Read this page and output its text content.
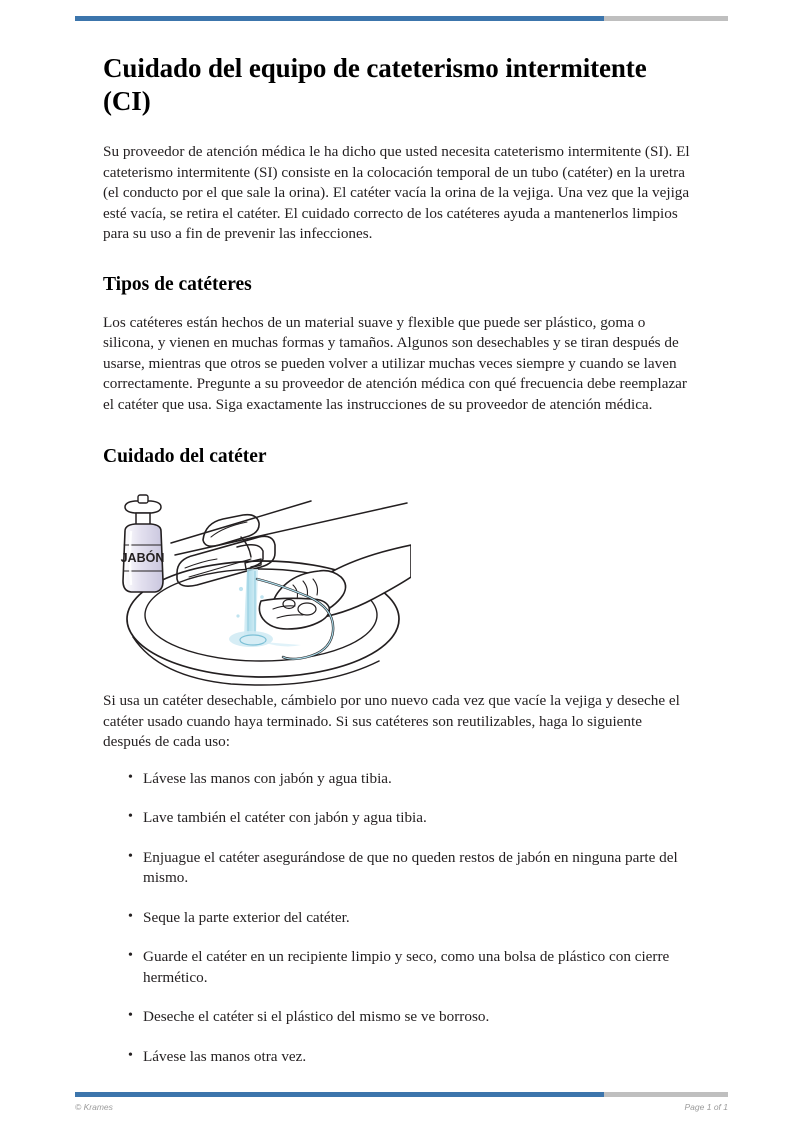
Cuidado del equipo de cateterismo intermitente (CI)

Su proveedor de atención médica le ha dicho que usted necesita cateterismo intermitente (SI). El cateterismo intermitente (SI) consiste en la colocación temporal de un tubo (catéter) en la uretra (el conducto por el que sale la orina). El catéter vacía la orina de la vejiga. Una vez que la vejiga esté vacía, se retira el catéter. El cuidado correcto de los catéteres ayuda a mantenerlos limpios para su uso a fin de prevenir las infecciones.

Tipos de catéteres

Los catéteres están hechos de un material suave y flexible que puede ser plástico, goma o silicona, y vienen en muchas formas y tamaños. Algunos son desechables y se tiran después de usarse, mientras que otros se pueden volver a utilizar muchas veces siempre y cuando se laven correctamente. Pregunte a su proveedor de atención médica con qué frecuencia debe reemplazar el catéter que usa. Siga exactamente las instrucciones de su proveedor de atención médica.

Cuidado del catéter
JABÓN

Si usa un catéter desechable, cámbielo por uno nuevo cada vez que vacíe la vejiga y deseche el catéter usado cuando haya terminado. Si sus catéteres son reutilizables, haga lo siguiente después de cada uso:

• Lávese las manos con jabón y agua tibia.
• Lave también el catéter con jabón y agua tibia.
• Enjuague el catéter asegurándose de que no queden restos de jabón en ninguna parte del mismo.
• Seque la parte exterior del catéter.
• Guarde el catéter en un recipiente limpio y seco, como una bolsa de plástico con cierre hermético.
• Deseche el catéter si el plástico del mismo se ve borroso.
• Lávese las manos otra vez.
© Krames	Page 1 of 1
